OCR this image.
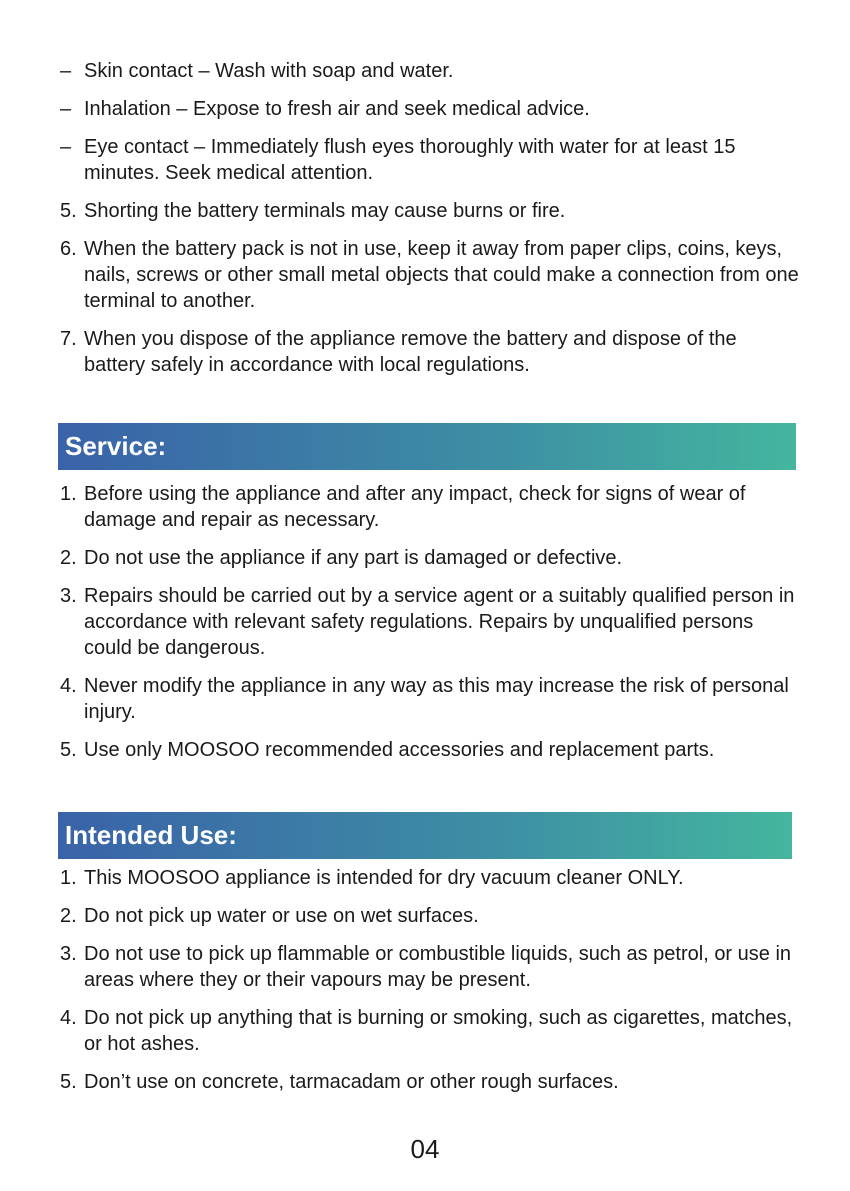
– Skin contact – Wash with soap and water.
– Inhalation – Expose to fresh air and seek medical advice.
– Eye contact – Immediately flush eyes thoroughly with water for at least 15 minutes. Seek medical attention.
5. Shorting the battery terminals may cause burns or fire.
6. When the battery pack is not in use, keep it away from paper clips, coins, keys, nails, screws or other small metal objects that could make a connection from one terminal to another.
7. When you dispose of the appliance remove the battery and dispose of the battery safely in accordance with local regulations.
Service:
1. Before using the appliance and after any impact, check for signs of wear of damage and repair as necessary.
2. Do not use the appliance if any part is damaged or defective.
3. Repairs should be carried out by a service agent or a suitably qualified person in accordance with relevant safety regulations. Repairs by unqualified persons could be dangerous.
4. Never modify the appliance in any way as this may increase the risk of personal injury.
5. Use only MOOSOO recommended accessories and replacement parts.
Intended Use:
1. This MOOSOO appliance is intended for dry vacuum cleaner ONLY.
2. Do not pick up water or use on wet surfaces.
3. Do not use to pick up flammable or combustible liquids, such as petrol, or use in areas where they or their vapours may be present.
4. Do not pick up anything that is burning or smoking, such as cigarettes, matches, or hot ashes.
5. Don’t use on concrete, tarmacadam or other rough surfaces.
04
